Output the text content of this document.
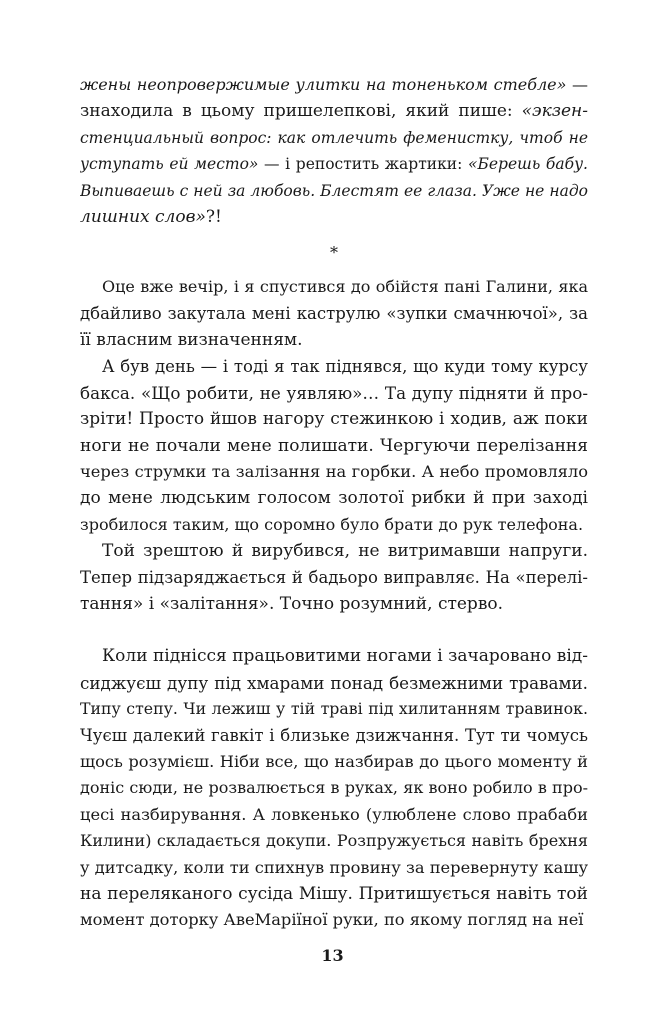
жены неопровержимые улитки на тоненьком стебле» —
знаходила в цьому пришелепкові, який пише: «экзен-
стенциальный вопрос: как отлечить феменистку, чтоб не
уступать ей место» — і репостить жартики: «Берешь бабу.
Выпиваешь с ней за любовь. Блестят ее глаза. Уже не надо
лишних слов»?!
*
Оце вже вечір, і я спустився до обійстя пані Галини, яка
дбайливо закутала мені каструлю «зупки смачнючої», за
її власним визначенням.
А був день — і тоді я так піднявся, що куди тому курсу
бакса. «Що робити, не уявляю»… Та дупу підняти й про-
зріти! Просто йшов нагору стежинкою і ходив, аж поки
ноги не почали мене полишати. Чергуючи перелізання
через струмки та залізання на горбки. А небо промовляло
до мене людським голосом золотої рибки й при заході
зробилося таким, що соромно було брати до рук телефона.
Той зрештою й вирубився, не витримавши напруги.
Тепер підзаряджається й бадьоро виправляє. На «перелі-
тання» і «залітання». Точно розумний, стерво.
Коли піднісся працьовитими ногами і зачаровано від-
сиджуєш дупу під хмарами понад безмежними травами.
Типу степу. Чи лежиш у тій траві під хилитанням травинок.
Чуєш далекий гавкіт і близьке дзижчання. Тут ти чомусь
щось розумієш. Ніби все, що назбирав до цього моменту й
доніс сюди, не розвалюється в руках, як воно робило в про-
цесі назбирування. А ловкенько (улюблене слово прабаби
Килини) складається докупи. Розпружується навіть брехня
у дитсадку, коли ти спихнув провину за перевернуту кашу
на переляканого сусіда Мішу. Притишується навіть той
момент дотоpку АвеМаріїної руки, по якому погляд на неї
13
